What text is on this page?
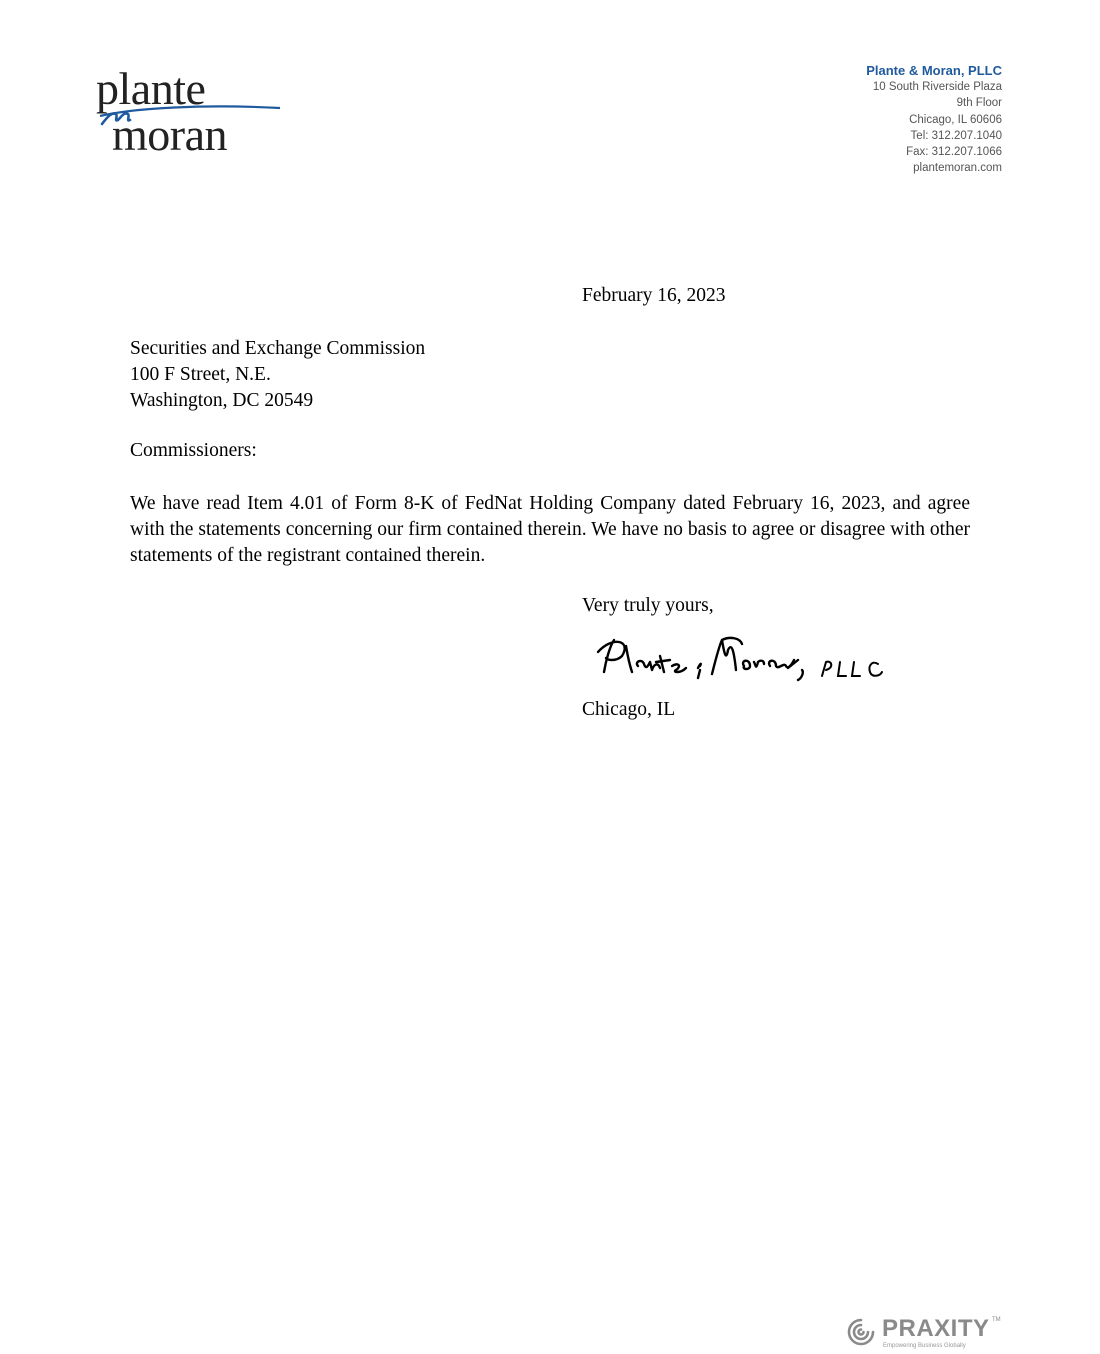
plante

moran

Plante & Moran, PLLC
10 South Riverside Plaza
9th Floor
Chicago, IL 60606
Tel: 312.207.1040
Fax: 312.207.1066
plantemoran.com
February 16, 2023
Securities and Exchange Commission
100 F Street, N.E.
Washington, DC 20549
Commissioners:

We have read Item 4.01 of Form 8-K of FedNat Holding Company dated February 16, 2023, and agree with the statements concerning our firm contained therein. We have no basis to agree or disagree with other statements of the registrant contained therein.

Very truly yours,
Chicago, IL

PRAXITY TM

Empowering Business Globally
